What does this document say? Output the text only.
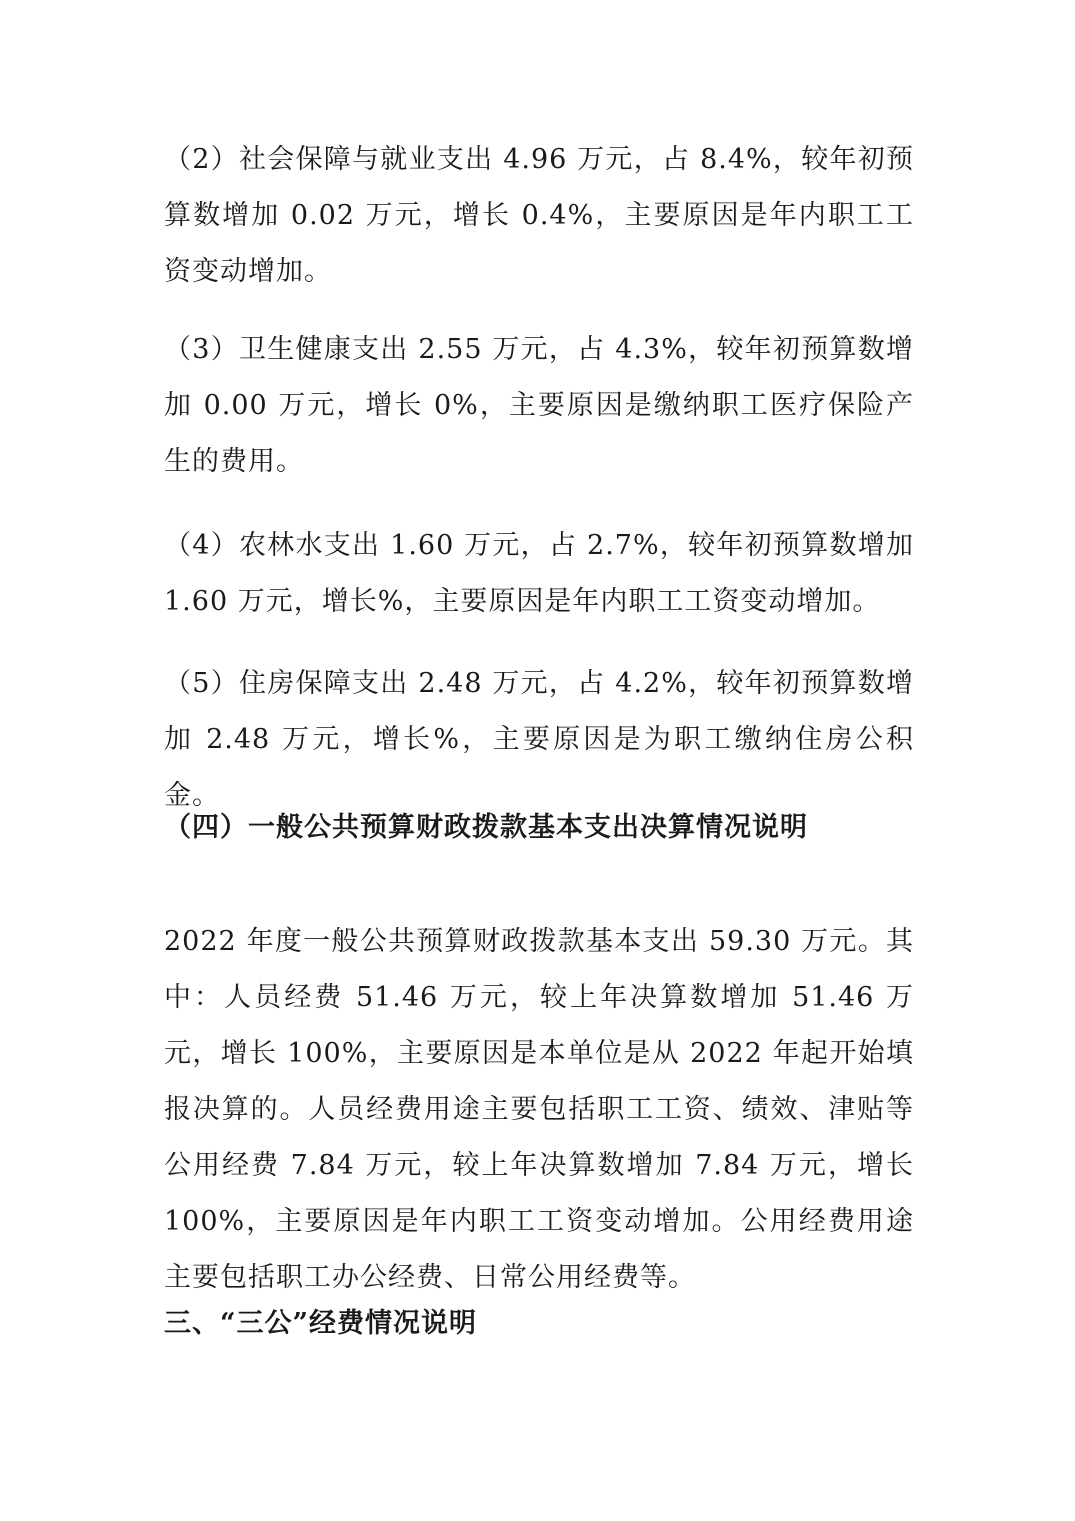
（2）社会保障与就业支出 4.96 万元，占 8.4%，较年初预算数增加 0.02 万元，增长 0.4%，主要原因是年内职工工资变动增加。

（3）卫生健康支出 2.55 万元，占 4.3%，较年初预算数增加 0.00 万元，增长 0%，主要原因是缴纳职工医疗保险产生的费用。

（4）农林水支出 1.60 万元，占 2.7%，较年初预算数增加 1.60 万元，增长%，主要原因是年内职工工资变动增加。

（5）住房保障支出 2.48 万元，占 4.2%，较年初预算数增加 2.48 万元，增长%，主要原因是为职工缴纳住房公积金。

（四）一般公共预算财政拨款基本支出决算情况说明

2022 年度一般公共预算财政拨款基本支出 59.30 万元。其中：人员经费 51.46 万元，较上年决算数增加 51.46 万元，增长 100%，主要原因是本单位是从 2022 年起开始填报决算的。人员经费用途主要包括职工工资、绩效、津贴等公用经费 7.84 万元，较上年决算数增加 7.84 万元，增长 100%，主要原因是年内职工工资变动增加。公用经费用途主要包括职工办公经费、日常公用经费等。

三、“三公”经费情况说明
